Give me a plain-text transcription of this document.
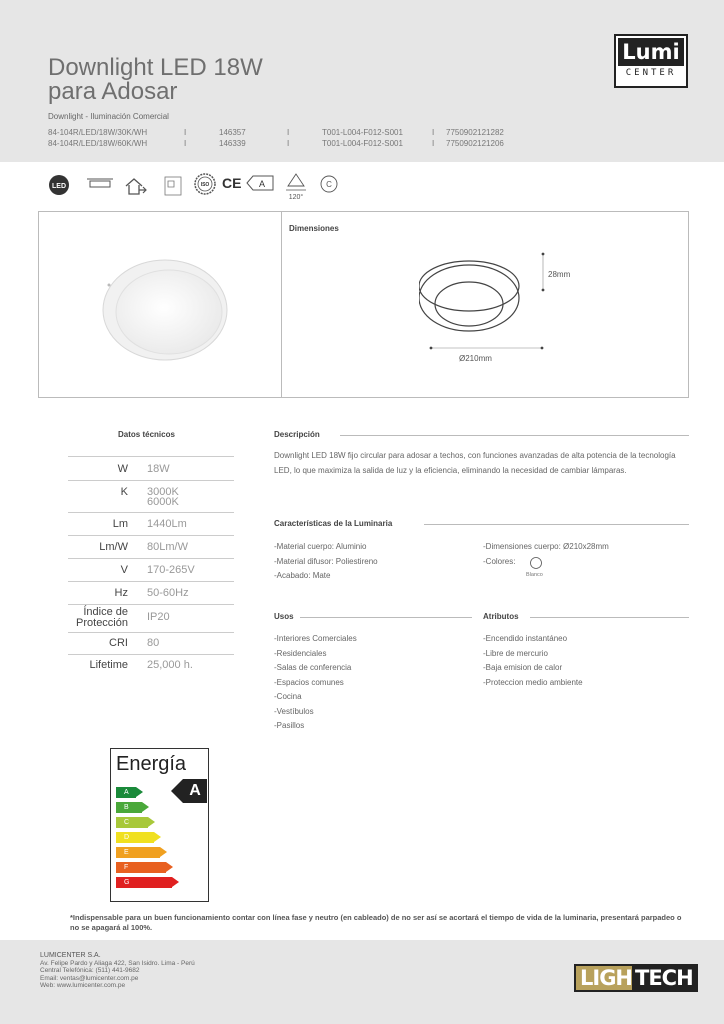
Downlight LED 18W
para Adosar
Downlight - Iluminación Comercial
84-104R/LED/18W/30K/WH	I	146357	I	T001-L004-F012-S001	I	7750902121282
84-104R/LED/18W/60K/WH	I	146339	I	T001-L004-F012-S001	I	7750902121206
Lumi
CENTER
LED	ISO CE A
120°
C
Dimensiones
28mm
Ø210mm
Datos técnicos
W	18W
K	3000K
6000K
Lm	1440Lm
Lm/W	80Lm/W
V	170-265V
Hz	50-60Hz
Índice de
Protección	IP20
CRI	80
Lifetime	25,000 h.
Descripción
Downlight LED 18W fijo circular para adosar a techos, con funciones avanzadas de alta potencia de la tecnología LED, lo que maximiza la salida de luz y la eficiencia, eliminando la necesidad de cambiar lámparas.
Características de la Luminaria
-Material cuerpo: Aluminio
-Material difusor: Poliestireno
-Acabado: Mate
-Dimensiones cuerpo: Ø210x28mm
-Colores:
Blanco
Usos
-Interiores Comerciales
-Residenciales
-Salas de conferencia
-Espacios comunes
-Cocina
-Vestíbulos
-Pasillos
Atributos
-Encendido instantáneo
-Libre de mercurio
-Baja emision de calor
-Proteccion medio ambiente
Energía
A
B
C
D
E
F
G
A
*Indispensable para un buen funcionamiento contar con línea fase y neutro (en cableado) de no ser así se acortará el tiempo de vida de la luminaria, presentará parpadeo o no se apagará al 100%.
LUMICENTER S.A.
Av. Felipe Pardo y Aliaga 422, San Isidro. Lima - Perú
Central Telefónica: (511) 441-9682
Email: ventas@lumicenter.com.pe
Web: www.lumicenter.com.pe	LIGH TECH
